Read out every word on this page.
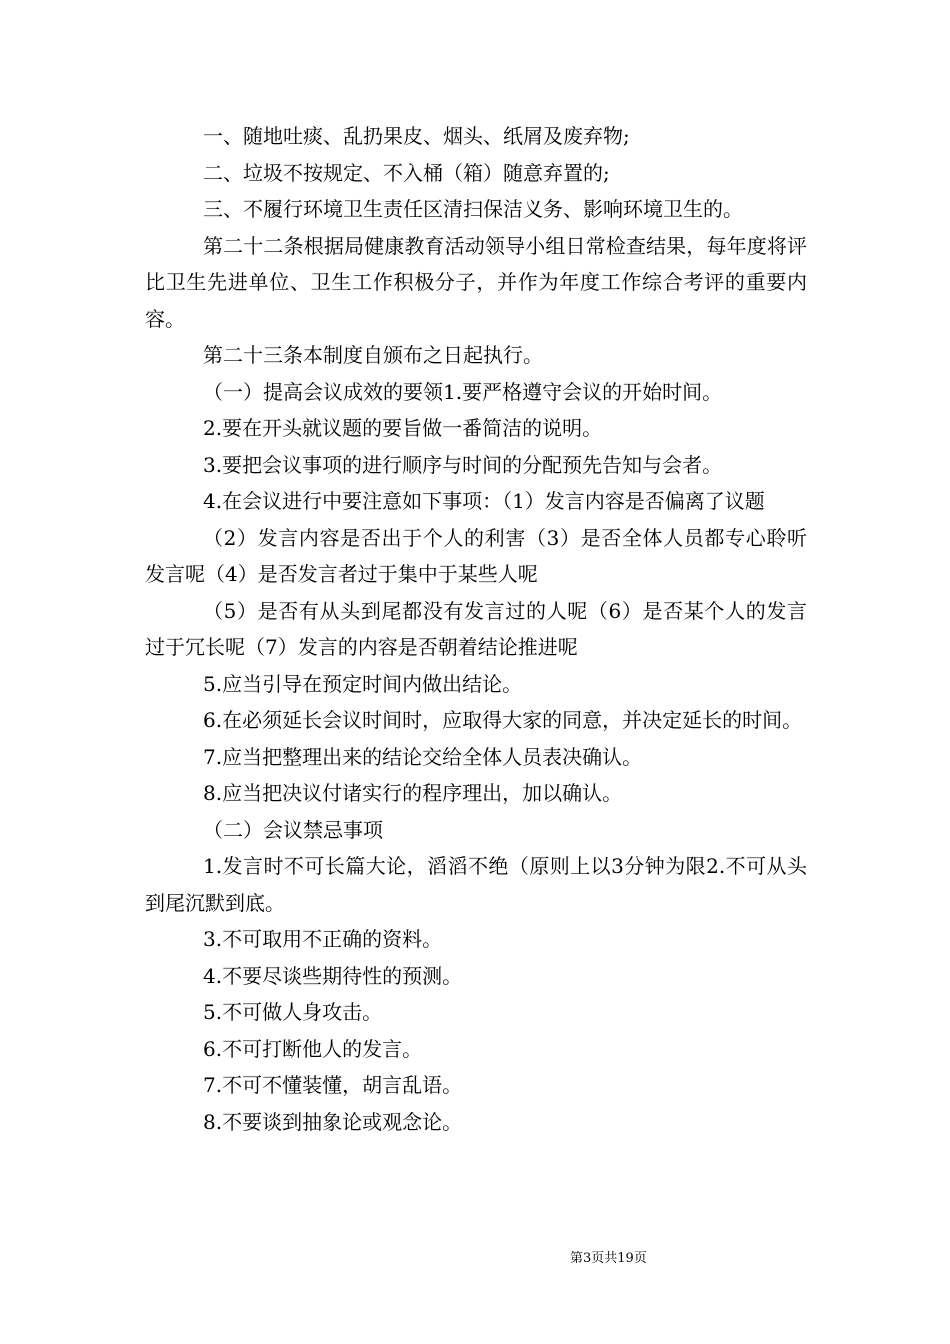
一、随地吐痰、乱扔果皮、烟头、纸屑及废弃物;

二、垃圾不按规定、不入桶（箱）随意弃置的;

三、不履行环境卫生责任区清扫保洁义务、影响环境卫生的。

第二十二条根据局健康教育活动领导小组日常检查结果，每年度将评比卫生先进单位、卫生工作积极分子，并作为年度工作综合考评的重要内容。

第二十三条本制度自颁布之日起执行。

（一）提高会议成效的要领1.要严格遵守会议的开始时间。

2.要在开头就议题的要旨做一番简洁的说明。

3.要把会议事项的进行顺序与时间的分配预先告知与会者。

4.在会议进行中要注意如下事项：（1）发言内容是否偏离了议题

（2）发言内容是否出于个人的利害（3）是否全体人员都专心聆听发言呢（4）是否发言者过于集中于某些人呢

（5）是否有从头到尾都没有发言过的人呢（6）是否某个人的发言过于冗长呢（7）发言的内容是否朝着结论推进呢

5.应当引导在预定时间内做出结论。

6.在必须延长会议时间时，应取得大家的同意，并决定延长的时间。

7.应当把整理出来的结论交给全体人员表决确认。

8.应当把决议付诸实行的程序理出，加以确认。

（二）会议禁忌事项

1.发言时不可长篇大论，滔滔不绝（原则上以3分钟为限2.不可从头到尾沉默到底。

3.不可取用不正确的资料。

4.不要尽谈些期待性的预测。

5.不可做人身攻击。

6.不可打断他人的发言。

7.不可不懂装懂，胡言乱语。

8.不要谈到抽象论或观念论。

第3页共19页
